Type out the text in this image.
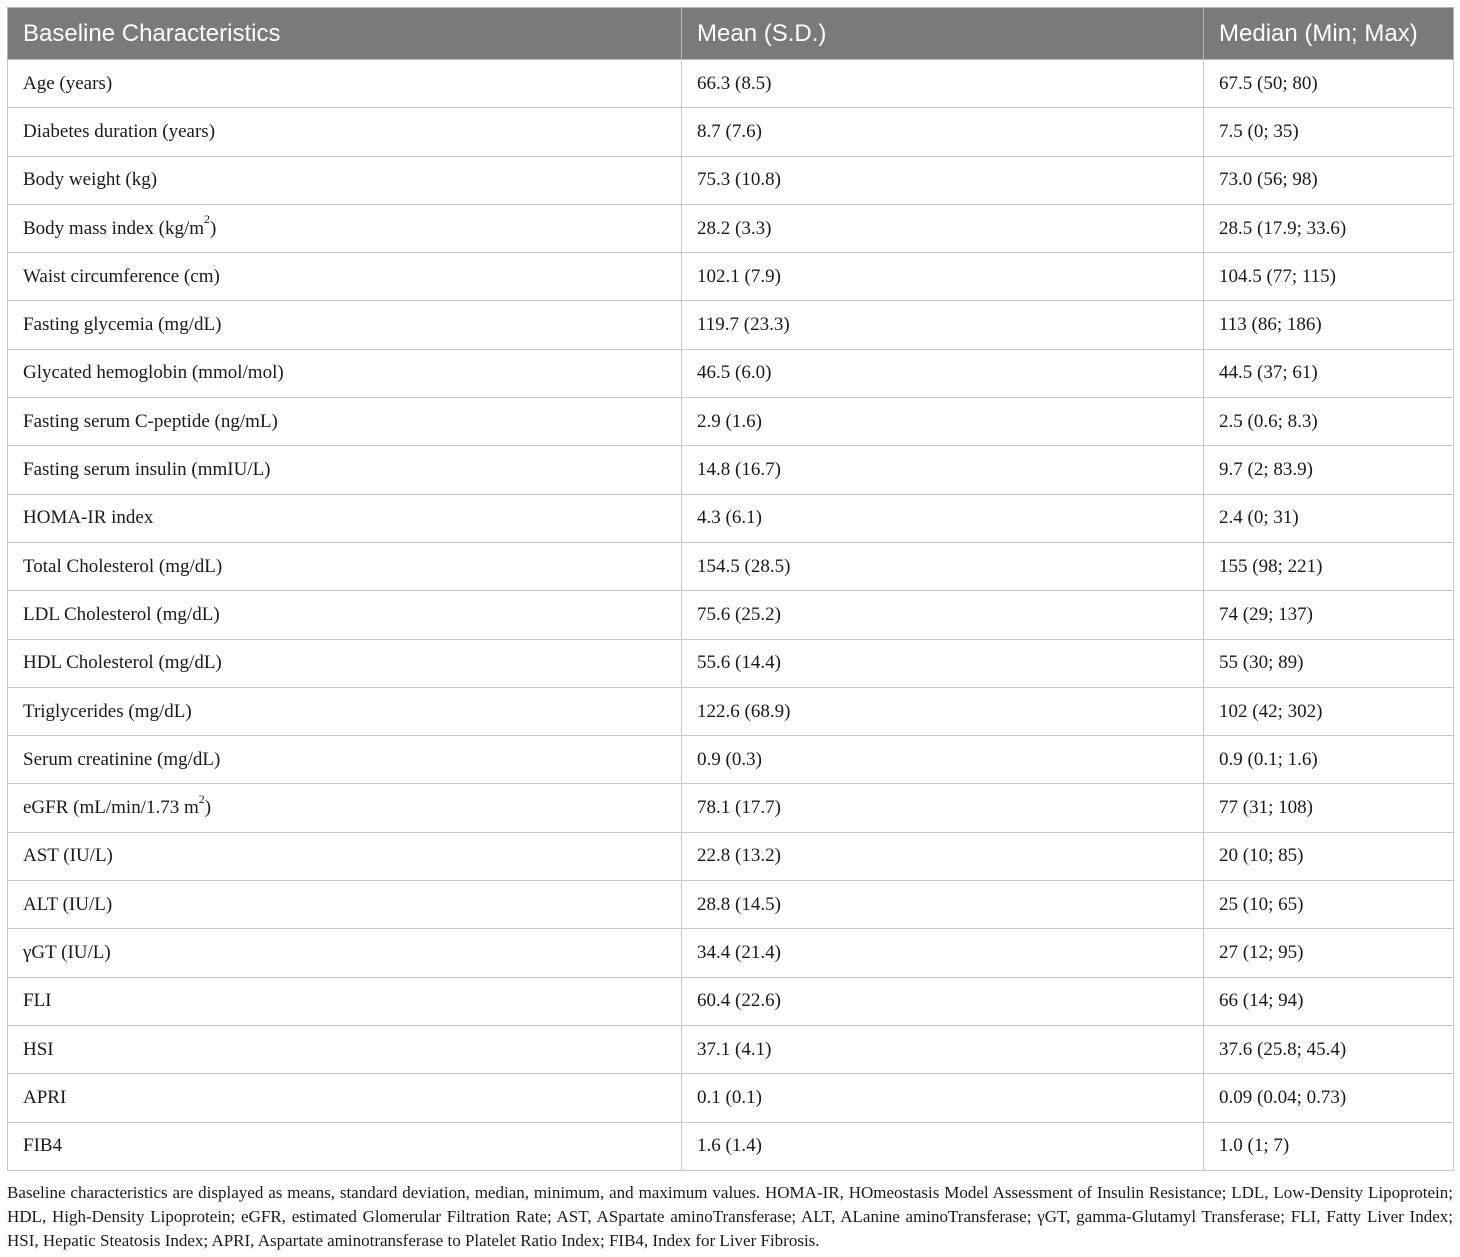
Baseline Characteristics	Mean (S.D.)	Median (Min; Max)
Age (years)	66.3 (8.5)	67.5 (50; 80)
Diabetes duration (years)	8.7 (7.6)	7.5 (0; 35)
Body weight (kg)	75.3 (10.8)	73.0 (56; 98)
Body mass index $(kg/m^2)$	28.2 (3.3)	28.5 (17.9; 33.6)
Waist circumference (cm)	102.1 (7.9)	104.5 (77; 115)
Fasting glycemia (mg/dL)	119.7 (23.3)	113 (86; 186)
Glycated hemoglobin (mmol/mol)	46.5 (6.0)	44.5 (37; 61)
Fasting serum C-peptide (ng/mL)	2.9 (1.6)	2.5 (0.6; 8.3)
Fasting serum insulin (mmIU/L)	14.8 (16.7)	9.7 (2; 83.9)
HOMA-IR index	4.3 (6.1)	2.4 (0; 31)
Total Cholesterol (mg/dL)	154.5 (28.5)	155 (98; 221)
LDL Cholesterol (mg/dL)	75.6 (25.2)	74 (29; 137)
HDL Cholesterol (mg/dL)	55.6 (14.4)	55 (30; 89)
Triglycerides (mg/dL)	122.6 (68.9)	102 (42; 302)
Serum creatinine (mg/dL)	0.9 (0.3)	0.9 (0.1; 1.6)
eGFR (mL/min/1.73 $m^2$)	78.1 (17.7)	77 (31; 108)
AST (IU/L)	22.8 (13.2)	20 (10; 85)
ALT (IU/L)	28.8 (14.5)	25 (10; 65)
γGT (IU/L)	34.4 (21.4)	27 (12; 95)
FLI	60.4 (22.6)	66 (14; 94)
HSI	37.1 (4.1)	37.6 (25.8; 45.4)
APRI	0.1 (0.1)	0.09 (0.04; 0.73)
FIB4	1.6 (1.4)	1.0 (1; 7)

Baseline characteristics are displayed as means, standard deviation, median, minimum, and maximum values. HOMA-IR, HOmeostasis Model Assessment of Insulin Resistance; LDL, Low-Density Lipoprotein; HDL, High-Density Lipoprotein; eGFR, estimated Glomerular Filtration Rate; AST, ASpartate aminoTransferase; ALT, ALanine aminoTransferase; γGT, gamma-Glutamyl Transferase; FLI, Fatty Liver Index; HSI, Hepatic Steatosis Index; APRI, Aspartate aminotransferase to Platelet Ratio Index; FIB4, Index for Liver Fibrosis.
